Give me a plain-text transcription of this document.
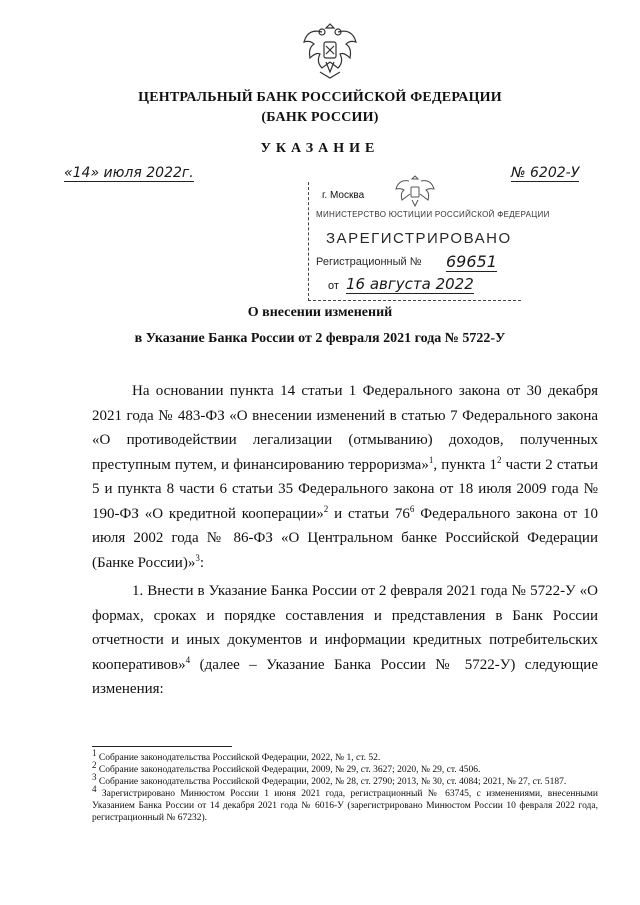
ЦЕНТРАЛЬНЫЙ БАНК РОССИЙСКОЙ ФЕДЕРАЦИИ
(БАНК РОССИИ)
УКАЗАНИЕ
«14» июля 2022г.	№ 6202-У
г. Москва
МИНИСТЕРСТВО ЮСТИЦИИ РОССИЙСКОЙ ФЕДЕРАЦИИ
ЗАРЕГИСТРИРОВАНО
Регистрационный № 69651
от 16 августа 2022
О внесении изменений
в Указание Банка России от 2 февраля 2021 года № 5722-У

На основании пункта 14 статьи 1 Федерального закона от 30 декабря 2021 года № 483-ФЗ «О внесении изменений в статью 7 Федерального закона «О противодействии легализации (отмыванию) доходов, полученных преступным путем, и финансированию терроризма»$^1$, пункта $1^2$ части 2 статьи 5 и пункта 8 части 6 статьи 35 Федерального закона от 18 июля 2009 года № 190-ФЗ «О кредитной кооперации»$^2$ и статьи $76^6$ Федерального закона от 10 июля 2002 года № 86-ФЗ «О Центральном банке Российской Федерации (Банке России)»$^3$:

1. Внести в Указание Банка России от 2 февраля 2021 года № 5722-У «О формах, сроках и порядке составления и представления в Банк России отчетности и иных документов и информации кредитных потребительских кооперативов»$^4$ (далее – Указание Банка России № 5722-У) следующие изменения:

$^1$ Собрание законодательства Российской Федерации, 2022, № 1, ст. 52.

$^2$ Собрание законодательства Российской Федерации, 2009, № 29, ст. 3627; 2020, № 29, ст. 4506.

$^3$ Собрание законодательства Российской Федерации, 2002, № 28, ст. 2790; 2013, № 30, ст. 4084; 2021, № 27, ст. 5187.

$^4$ Зарегистрировано Минюстом России 1 июня 2021 года, регистрационный № 63745, с изменениями, внесенными Указанием Банка России от 14 декабря 2021 года № 6016-У (зарегистрировано Минюстом России 10 февраля 2022 года, регистрационный № 67232).
